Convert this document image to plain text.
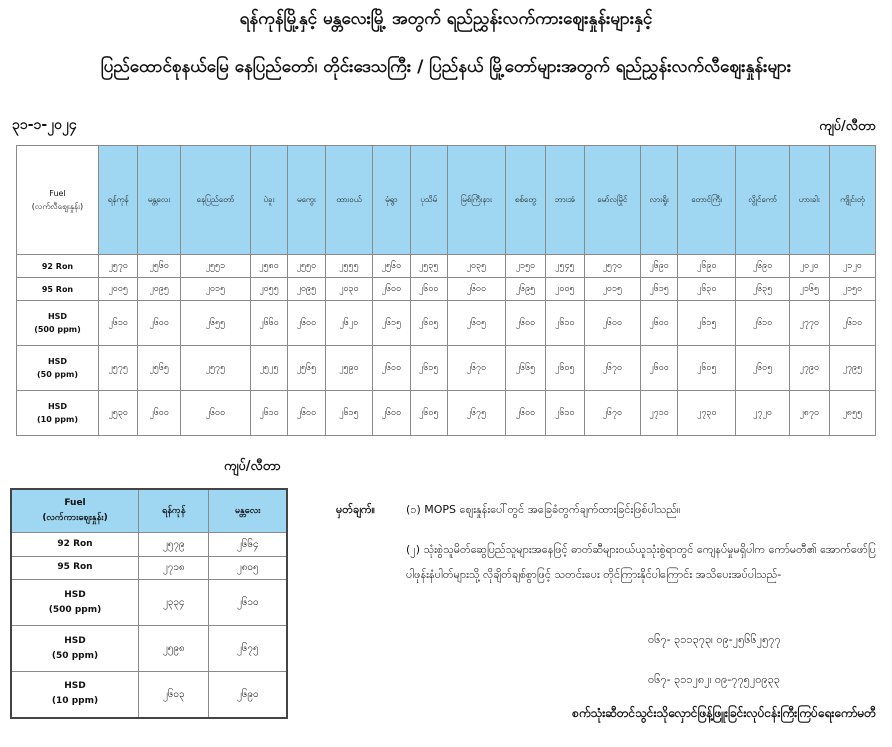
ရန်ကုန်မြို့နှင့် မန္တလေးမြို့ အတွက် ရည်ညွှန်းလက်ကားဈေးနှုန်းများနှင့်
ပြည်ထောင်စုနယ်မြေ နေပြည်တော်၊ တိုင်းဒေသကြီး / ပြည်နယ် မြို့တော်များအတွက် ရည်ညွှန်းလက်လီဈေးနှုန်းများ
၃၁-၁-၂၀၂၄	ကျပ်/လီတာ
Fuel
(လက်လီဈေးနှုန်း)	ရန်ကုန်	မန္တလေး	နေပြည်တော်	ပဲခူး	မကွေး	ထားဝယ်	မုံရွာ	ပုသိမ်	မြစ်ကြီးနား	စစ်တွေ	ဘားအံ	မော်လမြိုင်	လားရှိုး	တောင်ကြီး	လွိုင်ကော်	ဟားခါး	ကျိုင်းတုံ

92 Ron	၂၅၇၀	၂၅၆၀	၂၅၅၁	၂၅၈၀	၂၅၅၀	၂၅၅၅	၂၅၆၀	၂၅၃၅	၂၀၃၅	၂၁၅၀	၂၅၄၅	၂၅၇၀	၂၆၉၀	၂၆၉၀	၂၆၉၀	၂၀၂၀	၂၁၂၀

95 Ron	၂၀၀၅	၂၀၉၅	၂၀၁၅	၂၀၅၅	၂၀၉၅	၂၀၃၀	၂၆၀၀	၂၆၀၀	၂၆၀၀	၂၆၉၅	၂၀၀၅	၂၀၁၅	၂၆၁၅	၂၆၃၀	၂၆၃၅	၂၁၆၅	၂၁၅၀

HSD
(500 ppm)	၂၆၁၀	၂၆၀၀	၂၆၅၅	၂၆၆၀	၂၆၀၀	၂၆၂၀	၂၆၁၅	၂၆၀၅	၂၆၀၅	၂၆၀၀	၂၆၁၀	၂၆၀၀	၂၆၀၀	၂၆၁၅	၂၆၁၀	၂၇၇၀	၂၆၁၀

HSD
(50 ppm)	၂၅၇၅	၂၅၆၅	၂၅၇၅	၂၅၂၅	၂၅၆၅	၂၅၉၀	၂၆၀၀	၂၆၁၅	၂၆၇၀	၂၆၆၅	၂၆၀၅	၂၆၇၀	၂၆၀၀	၂၆၀၅	၂၆၀၅	၂၇၉၀	၂၇၉၅

HSD
(10 ppm)	၂၅၃၀	၂၆၀၀	၂၆၀၀	၂၆၁၀	၂၆၀၀	၂၆၁၅	၂၆၀၀	၂၆၀၅	၂၆၇၅	၂၆၀၀	၂၆၁၀	၂၆၇၀	၂၇၁၀	၂၇၃၀	၂၇၂၀	၂၈၇၀	၂၈၅၅
ကျပ်/လီတာ
Fuel
(လက်ကားဈေးနှုန်း)	ရန်ကုန်	မန္တလေး

92 Ron	၂၅၇၉	၂၆၆၄

95 Ron	၂၇၁၈	၂၈၀၅

HSD
(500 ppm)	၂၃၃၄	၂၆၁၀

HSD
(50 ppm)	၂၅၉၈	၂၆၇၅

HSD
(10 ppm)	၂၆၀၃	၂၆၉၀
မှတ်ချက်။	(၁) MOPS ဈေးနှုန်းပေါ်တွင် အခြေခံတွက်ချက်ထားခြင်းဖြစ်ပါသည်။
(၂) သုံးစွဲသူမိတ်ဆွေပြည်သူများအနေဖြင့် ဓာတ်ဆီများဝယ်ယူသုံးစွဲရာတွင် ကျေနပ်မှုမရှိပါက ကော်မတီ၏ အောက်ဖော်ပြပါဖုန်းနံပါတ်များသို့ လိုချိတ်ချစ်စွာဖြင့် သတင်းပေး တိုင်ကြားနိုင်ပါကြောင်း အသိပေးအပ်ပါသည်-
၀၆၇- ၃၁၁၃၇၃၊ ၀၉-၂၅၆၆၂၅၇၇
၀၆၇- ၃၁၁၂၈၂၊ ၀၉-၇၇၅၂၀၉၃၃
စက်သုံးဆီတင်သွင်းသိုလှောင်ဖြန့်ဖြူးခြင်းလုပ်ငန်းကြီးကြပ်ရေးကော်မတီ
